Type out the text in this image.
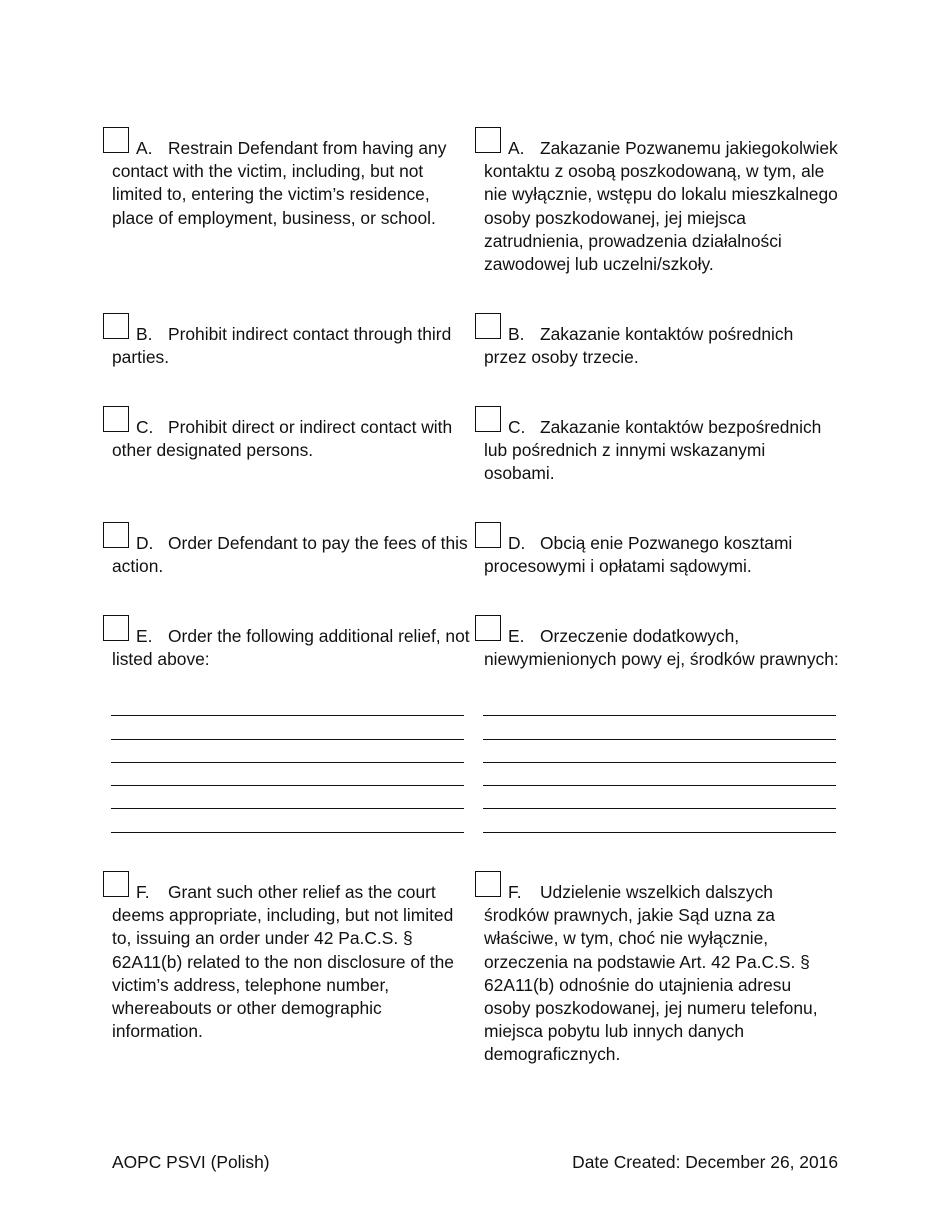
A. Restrain Defendant from having any contact with the victim, including, but not limited to, entering the victim’s residence, place of employment, business, or school.

A. Zakazanie Pozwanemu jakiegokolwiek kontaktu z osobą poszkodowaną, w tym, ale nie wyłącznie, wstępu do lokalu mieszkalnego osoby poszkodowanej, jej miejsca zatrudnienia, prowadzenia działalności zawodowej lub uczelni/szkoły.

B. Prohibit indirect contact through third parties.

B. Zakazanie kontaktów pośrednich przez osoby trzecie.

C. Prohibit direct or indirect contact with other designated persons.

C. Zakazanie kontaktów bezpośrednich lub pośrednich z innymi wskazanymi osobami.

D. Order Defendant to pay the fees of this action.

D. Obcią enie Pozwanego kosztami procesowymi i opłatami sądowymi.

E. Order the following additional relief, not listed above:

E. Orzeczenie dodatkowych, niewymienionych powy ej, środków prawnych:

F. Grant such other relief as the court deems appropriate, including, but not limited to, issuing an order under 42 Pa.C.S. § 62A11(b) related to the non disclosure of the victim’s address, telephone number, whereabouts or other demographic information.

F. Udzielenie wszelkich dalszych środków prawnych, jakie Sąd uzna za właściwe, w tym, choć nie wyłącznie, orzeczenia na podstawie Art. 42 Pa.C.S. § 62A11(b) odnośnie do utajnienia adresu osoby poszkodowanej, jej numeru telefonu, miejsca pobytu lub innych danych demograficznych.

AOPC PSVI (Polish)	Date Created: December 26, 2016
